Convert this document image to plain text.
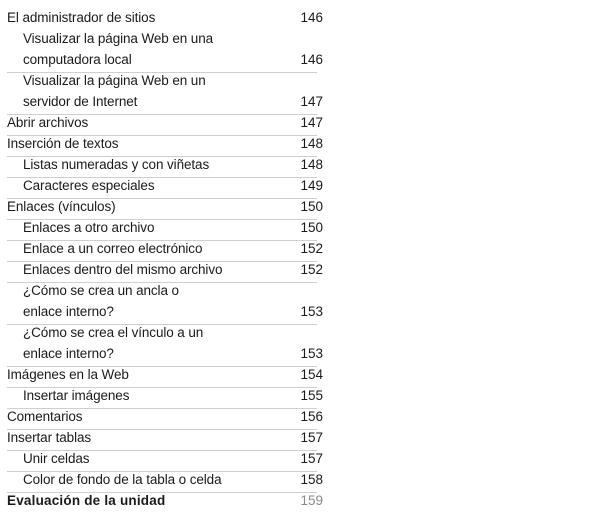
El administrador de sitios	146
Visualizar la página Web en una
computadora local	146
Visualizar la página Web en un
servidor de Internet	147
Abrir archivos	147
Inserción de textos	148
Listas numeradas y con viñetas	148
Caracteres especiales	149
Enlaces (vínculos)	150
Enlaces a otro archivo	150
Enlace a un correo electrónico	152
Enlaces dentro del mismo archivo	152
¿Cómo se crea un ancla o
enlace interno?	153
¿Cómo se crea el vínculo a un
enlace interno?	153
Imágenes en la Web	154
Insertar imágenes	155
Comentarios	156
Insertar tablas	157
Unir celdas	157
Color de fondo de la tabla o celda	158
Evaluación de la unidad	159
